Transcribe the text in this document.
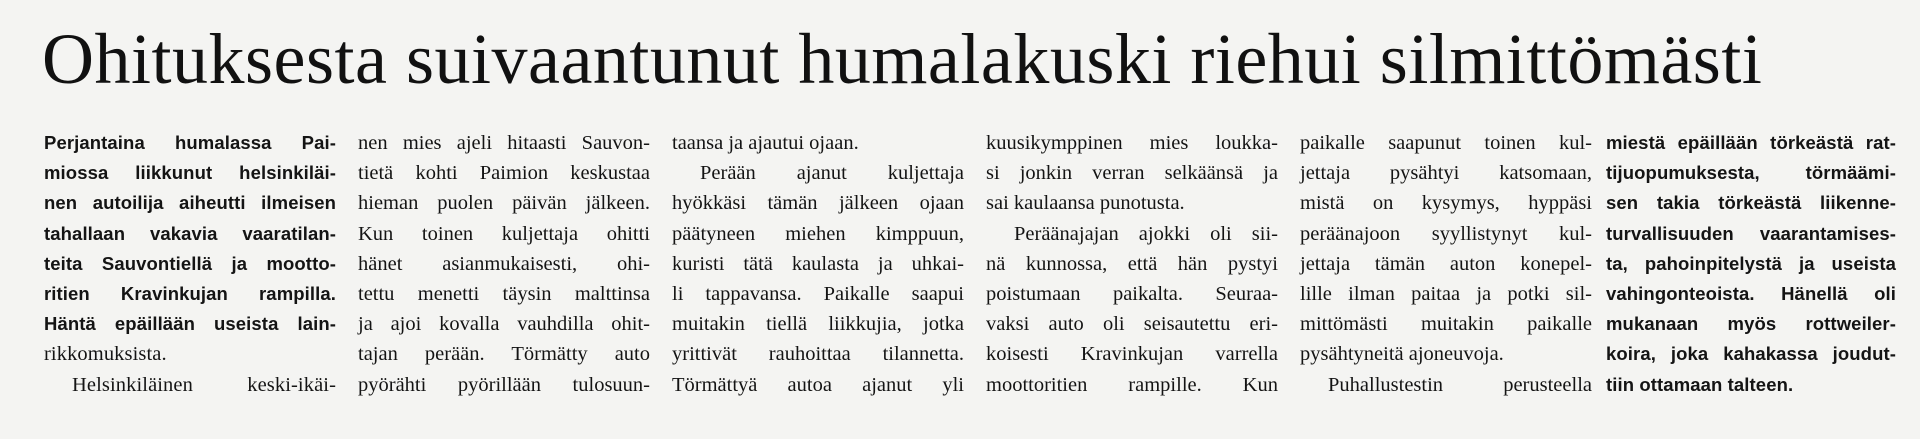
Ohituksesta suivaantunut humalakuski riehui silmittömästi
Perjantaina humalassa Pai-
miossa liikkunut helsinkiläi-
nen autoilija aiheutti ilmeisen
tahallaan vakavia vaaratilan-
teita Sauvontiellä ja mootto-
ritien Kravinkujan rampilla.
Häntä epäillään useista lain-
rikkomuksista.
Helsinkiläinen keski-ikäi-
nen mies ajeli hitaasti Sauvon-
tietä kohti Paimion keskustaa
hieman puolen päivän jälkeen.
Kun toinen kuljettaja ohitti
hänet asianmukaisesti, ohi-
tettu menetti täysin malttinsa
ja ajoi kovalla vauhdilla ohit-
tajan perään. Törmätty auto
pyörähti pyörillään tulosuun-
taansa ja ajautui ojaan.
Perään ajanut kuljettaja
hyökkäsi tämän jälkeen ojaan
päätyneen miehen kimppuun,
kuristi tätä kaulasta ja uhkai-
li tappavansa. Paikalle saapui
muitakin tiellä liikkujia, jotka
yrittivät rauhoittaa tilannetta.
Törmättyä autoa ajanut yli
kuusikymppinen mies loukka-
si jonkin verran selkäänsä ja
sai kaulaansa punotusta.
Peräänajajan ajokki oli sii-
nä kunnossa, että hän pystyi
poistumaan paikalta. Seuraa-
vaksi auto oli seisautettu eri-
koisesti Kravinkujan varrella
moottoritien rampille. Kun
paikalle saapunut toinen kul-
jettaja pysähtyi katsomaan,
mistä on kysymys, hyppäsi
peräänajoon syyllistynyt kul-
jettaja tämän auton konepel-
lille ilman paitaa ja potki sil-
mittömästi muitakin paikalle
pysähtyneitä ajoneuvoja.
Puhallustestin perusteella
miestä epäillään törkeästä rat-
tijuopumuksesta, törmäämi-
sen takia törkeästä liikenne-
turvallisuuden vaarantamises-
ta, pahoinpitelystä ja useista
vahingonteoista. Hänellä oli
mukanaan myös rottweiler-
koira, joka kahakassa joudut-
tiin ottamaan talteen.
